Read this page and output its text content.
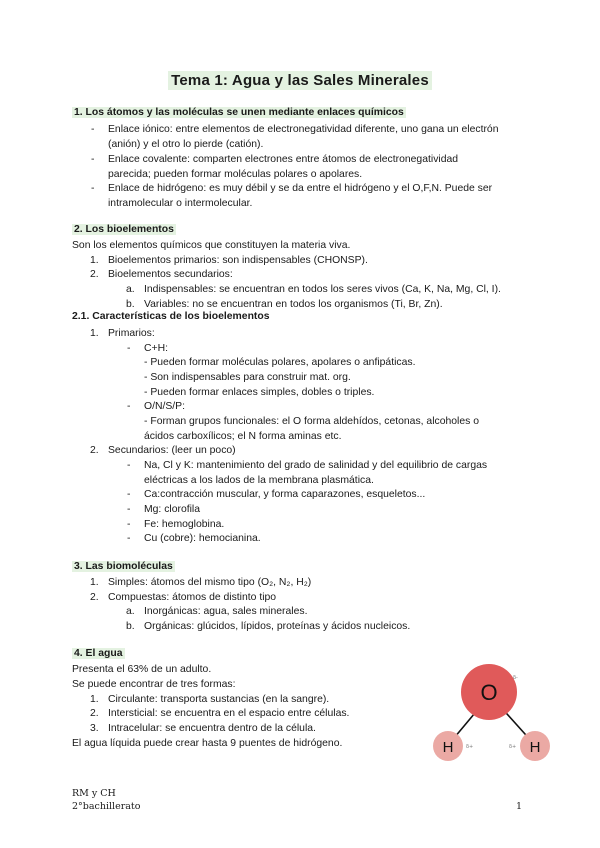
Tema 1: Agua y las Sales Minerales
1. Los átomos y las moléculas se unen mediante enlaces químicos
- Enlace iónico: entre elementos de electronegatividad diferente, uno gana un electrón
(anión) y el otro lo pierde (catión).
- Enlace covalente: comparten electrones entre átomos de electronegatividad
parecida; pueden formar moléculas polares o apolares.
- Enlace de hidrógeno: es muy débil y se da entre el hidrógeno y el O,F,N. Puede ser
intramolecular o intermolecular.
2. Los bioelementos
Son los elementos químicos que constituyen la materia viva.
1. Bioelementos primarios: son indispensables (CHONSP).
2. Bioelementos secundarios:
a. Indispensables: se encuentran en todos los seres vivos (Ca, K, Na, Mg, Cl, I).
b. Variables: no se encuentran en todos los organismos (Ti, Br, Zn).
2.1. Características de los bioelementos
1. Primarios:
- C+H:
- Pueden formar moléculas polares, apolares o anfipáticas.
- Son indispensables para construir mat. org.
- Pueden formar enlaces simples, dobles o triples.
- O/N/S/P:
- Forman grupos funcionales: el O forma aldehídos, cetonas, alcoholes o
ácidos carboxílicos; el N forma aminas etc.
2. Secundarios: (leer un poco)
- Na, Cl y K: mantenimiento del grado de salinidad y del equilibrio de cargas
eléctricas a los lados de la membrana plasmática.
- Ca:contracción muscular, y forma caparazones, esqueletos...
- Mg: clorofila
- Fe: hemoglobina.
- Cu (cobre): hemocianina.
3. Las biomoléculas
1. Simples: átomos del mismo tipo (O₂, N₂, H₂)
2. Compuestas: átomos de distinto tipo
a. Inorgánicas: agua, sales minerales.
b. Orgánicas: glúcidos, lípidos, proteínas y ácidos nucleicos.
4. El agua
Presenta el 63% de un adulto.
Se puede encontrar de tres formas:
1. Circulante: transporta sustancias (en la sangre).
2. Intersticial: se encuentra en el espacio entre células.
3. Intracelular: se encuentra dentro de la célula.
El agua líquida puede crear hasta 9 puentes de hidrógeno.
O
H	H
δ-
δ+	δ+
RM y CH
2°bachillerato	1
